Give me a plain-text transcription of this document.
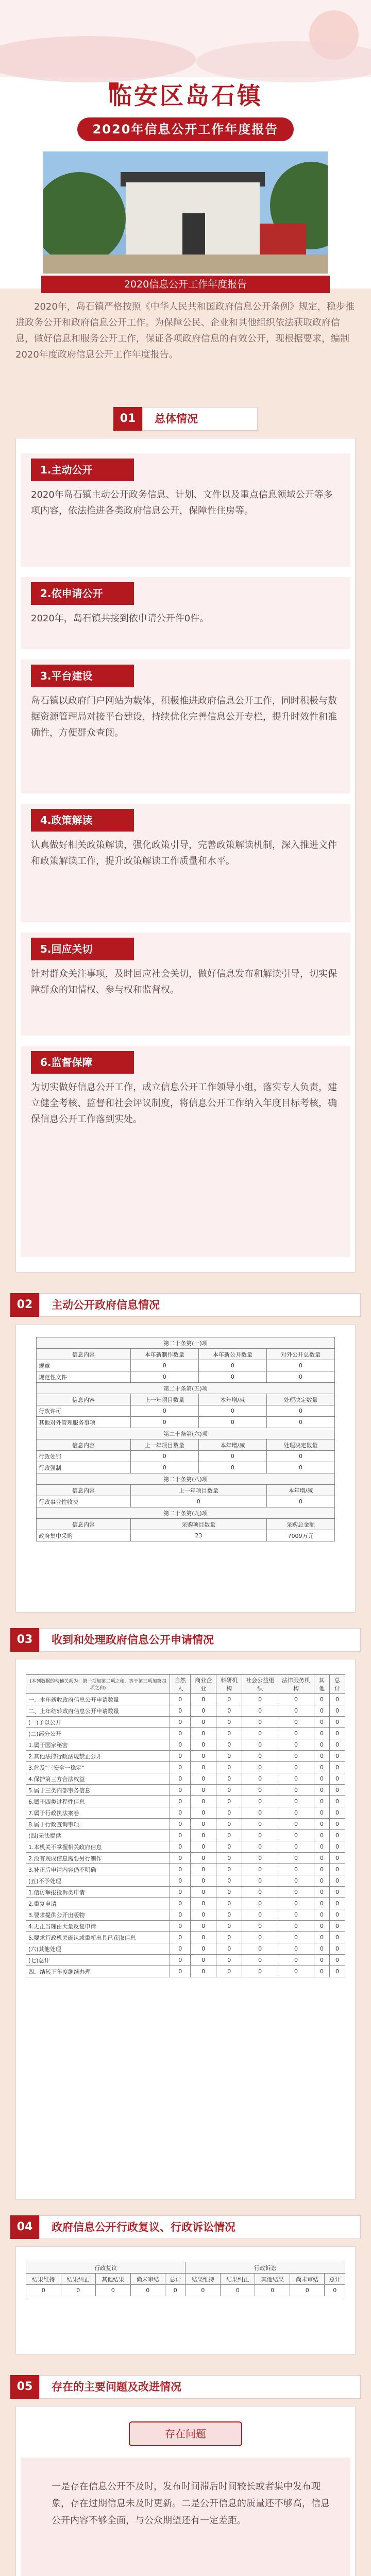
临安区岛石镇
2020年信息公开工作年度报告
2020信息公开工作年度报告
2020年，岛石镇严格按照《中华人民共和国政府信息公开条例》规定，稳步推进政务公开和政府信息公开工作。为保障公民、企业和其他组织依法获取政府信息，做好信息和服务公开工作，保证各项政府信息的有效公开，现根据要求，编制2020年度政府信息公开工作年度报告。
01	总体情况
1.主动公开
2020年岛石镇主动公开政务信息、计划、文件以及重点信息领域公开等多项内容，依法推进各类政府信息公开，保障性住房等。
2.依申请公开
2020年，岛石镇共接到依申请公开件0件。
3.平台建设
岛石镇以政府门户网站为载体，积极推进政府信息公开工作，同时积极与数据资源管理局对接平台建设，持续优化完善信息公开专栏，提升时效性和准确性，方便群众查阅。
4.政策解读
认真做好相关政策解读，强化政策引导，完善政策解读机制，深入推进文件和政策解读工作，提升政策解读工作质量和水平。
5.回应关切
针对群众关注事项，及时回应社会关切，做好信息发布和解读引导，切实保障群众的知情权、参与权和监督权。
6.监督保障
为切实做好信息公开工作，成立信息公开工作领导小组，落实专人负责，建立健全考核、监督和社会评议制度，将信息公开工作纳入年度目标考核，确保信息公开工作落到实处。
02	主动公开政府信息情况
第二十条第(一)项			
信息内容	本年新制作数量	本年新公开数量	对外公开总数量
规章	0	0	0
规范性文件	0	0	0
第二十条第(五)项			
信息内容	上一年项目数量	本年增/减	处理决定数量
行政许可	0	0	0
其他对外管理服务事项	0	0	0
第二十条第(六)项			
信息内容	上一年项目数量	本年增/减	处理决定数量
行政处罚	0	0	0
行政强制	0	0	0
第二十条第(八)项			
信息内容	上一年项目数量		本年增/减
行政事业性收费	0		0
第二十条第(九)项			
信息内容	采购项目数量		采购总金额
政府集中采购	23		7009万元
03	收到和处理政府信息公开申请情况
(本列数据的勾稽关系为：第一项加第二项之和，等于第三项加第四项之和)	自然人	商业企业	科研机构	社会公益组织	法律服务机构	其他	总计
一、本年新收政府信息公开申请数量	0	0	0	0	0	0	0
二、上年结转政府信息公开申请数量	0	0	0	0	0	0	0
(一)予以公开	0	0	0	0	0	0	0
(二)部分公开	0	0	0	0	0	0	0
1.属于国家秘密	0	0	0	0	0	0	0
2.其他法律行政法规禁止公开	0	0	0	0	0	0	0
3.危及"三安全一稳定"	0	0	0	0	0	0	0
4.保护第三方合法权益	0	0	0	0	0	0	0
5.属于三类内部事务信息	0	0	0	0	0	0	0
6.属于四类过程性信息	0	0	0	0	0	0	0
7.属于行政执法案卷	0	0	0	0	0	0	0
8.属于行政查询事项	0	0	0	0	0	0	0
(四)无法提供	0	0	0	0	0	0	0
1.本机关不掌握相关政府信息	0	0	0	0	0	0	0
2.没有现成信息需要另行制作	0	0	0	0	0	0	0
3.补正后申请内容仍不明确	0	0	0	0	0	0	0
(五)不予处理	0	0	0	0	0	0	0
1.信访举报投诉类申请	0	0	0	0	0	0	0
2.重复申请	0	0	0	0	0	0	0
3.要求提供公开出版物	0	0	0	0	0	0	0
4.无正当理由大量反复申请	0	0	0	0	0	0	0
5.要求行政机关确认或重新出具已获取信息	0	0	0	0	0	0	0
(六)其他处理	0	0	0	0	0	0	0
(七)总计	0	0	0	0	0	0	0
四、结转下年度继续办理	0	0	0	0	0	0	0
04	政府信息公开行政复议、行政诉讼情况
行政复议					行政诉讼				
结果维持	结果纠正	其他结果	尚未审结	总计	结果维持	结果纠正	其他结果	尚未审结	总计
0	0	0	0	0	0	0	0	0	0
05	存在的主要问题及改进情况
存在问题
一是存在信息公开不及时，发布时间滞后时间较长或者集中发布现象，存在过期信息未及时更新。二是公开信息的质量还不够高，信息公开内容不够全面，与公众期望还有一定差距。
